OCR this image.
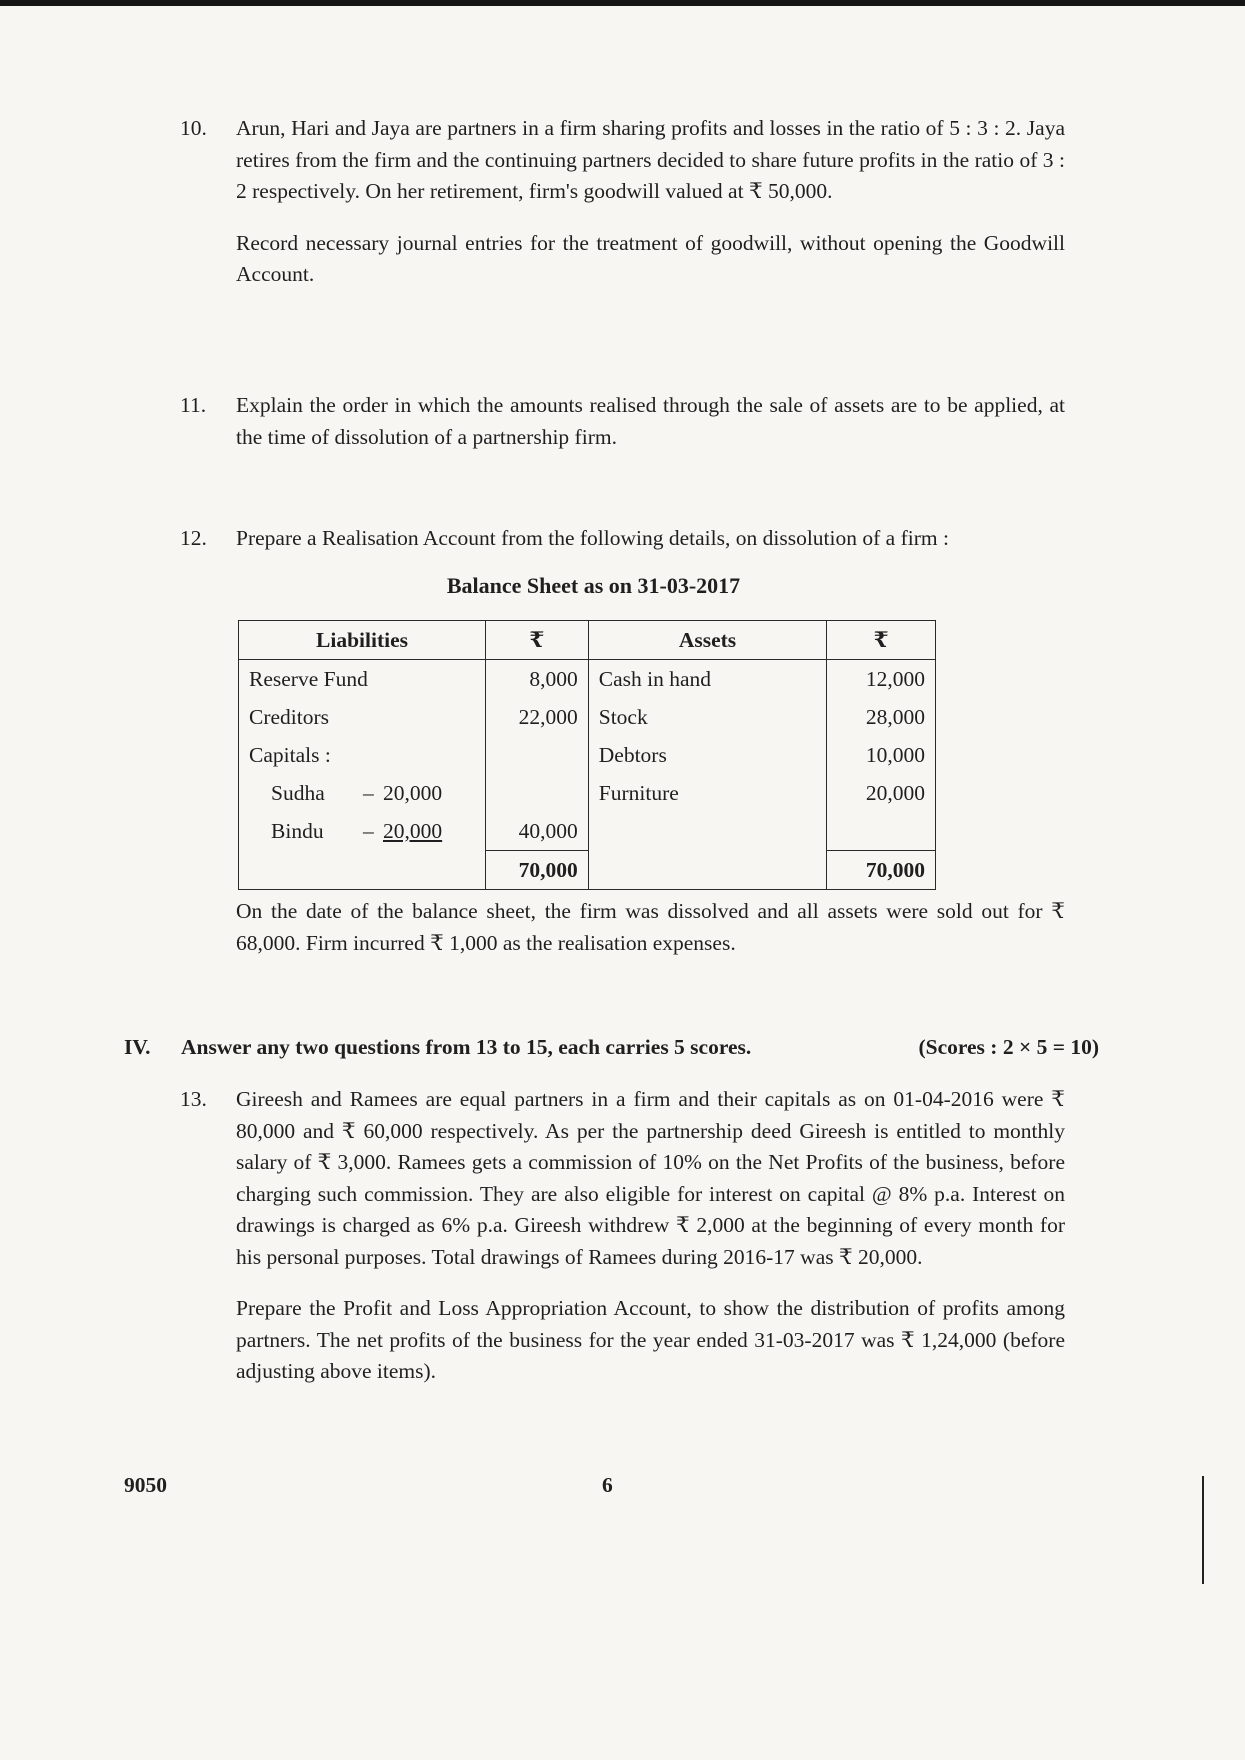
10.	Arun, Hari and Jaya are partners in a firm sharing profits and losses in the ratio of 5 : 3 : 2. Jaya retires from the firm and the continuing partners decided to share future profits in the ratio of 3 : 2 respectively. On her retirement, firm's goodwill valued at ₹ 50,000.

Record necessary journal entries for the treatment of goodwill, without opening the Goodwill Account.

11.	Explain the order in which the amounts realised through the sale of assets are to be applied, at the time of dissolution of a partnership firm.

12.	Prepare a Realisation Account from the following details, on dissolution of a firm :

Balance Sheet as on 31-03-2017
Liabilities	₹	Assets	₹
Reserve Fund	8,000	Cash in hand	12,000
Creditors	22,000	Stock	28,000
Capitals :		Debtors	10,000

Sudha – 20,000		Furniture	20,000

Bindu – 20,000	40,000		
	70,000		70,000

On the date of the balance sheet, the firm was dissolved and all assets were sold out for ₹ 68,000. Firm incurred ₹ 1,000 as the realisation expenses.

IV. Answer any two questions from 13 to 15, each carries 5 scores.	(Scores : 2 × 5 = 10)
13.	Gireesh and Ramees are equal partners in a firm and their capitals as on 01-04-2016 were ₹ 80,000 and ₹ 60,000 respectively. As per the partnership deed Gireesh is entitled to monthly salary of ₹ 3,000. Ramees gets a commission of 10% on the Net Profits of the business, before charging such commission. They are also eligible for interest on capital @ 8% p.a. Interest on drawings is charged as 6% p.a. Gireesh withdrew ₹ 2,000 at the beginning of every month for his personal purposes. Total drawings of Ramees during 2016-17 was ₹ 20,000.

Prepare the Profit and Loss Appropriation Account, to show the distribution of profits among partners. The net profits of the business for the year ended 31-03-2017 was ₹ 1,24,000 (before adjusting above items).

9050	6
